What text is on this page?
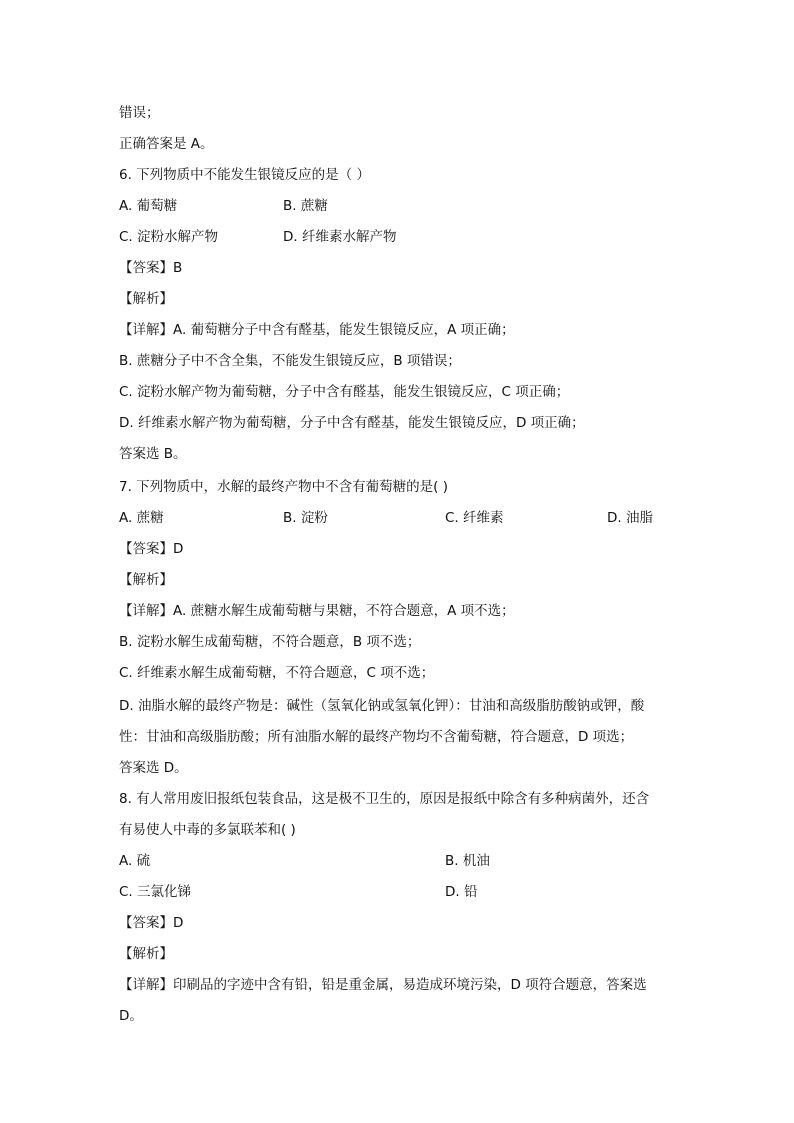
错误；
正确答案是 A。
6. 下列物质中不能发生银镜反应的是（ ）
A. 葡萄糖	B. 蔗糖
C. 淀粉水解产物	D. 纤维素水解产物
【答案】B
【解析】
【详解】A. 葡萄糖分子中含有醛基，能发生银镜反应，A 项正确；
B. 蔗糖分子中不含全集，不能发生银镜反应，B 项错误；
C. 淀粉水解产物为葡萄糖，分子中含有醛基，能发生银镜反应，C 项正确；
D. 纤维素水解产物为葡萄糖，分子中含有醛基，能发生银镜反应，D 项正确；
答案选 B。
7. 下列物质中，水解的最终产物中不含有葡萄糖的是( )
A. 蔗糖	B. 淀粉	C. 纤维素	D. 油脂
【答案】D
【解析】
【详解】A. 蔗糖水解生成葡萄糖与果糖，不符合题意，A 项不选；
B. 淀粉水解生成葡萄糖，不符合题意，B 项不选；
C. 纤维素水解生成葡萄糖，不符合题意，C 项不选；
D. 油脂水解的最终产物是：碱性（氢氧化钠或氢氧化钾）：甘油和高级脂肪酸钠或钾，酸
性：甘油和高级脂肪酸；所有油脂水解的最终产物均不含葡萄糖，符合题意，D 项选；
答案选 D。
8. 有人常用废旧报纸包装食品，这是极不卫生的，原因是报纸中除含有多种病菌外，还含
有易使人中毒的多氯联苯和( )
A. 硫	B. 机油
C. 三氯化锑	D. 铅
【答案】D
【解析】
【详解】印刷品的字迹中含有铅，铅是重金属，易造成环境污染，D 项符合题意，答案选
D。
